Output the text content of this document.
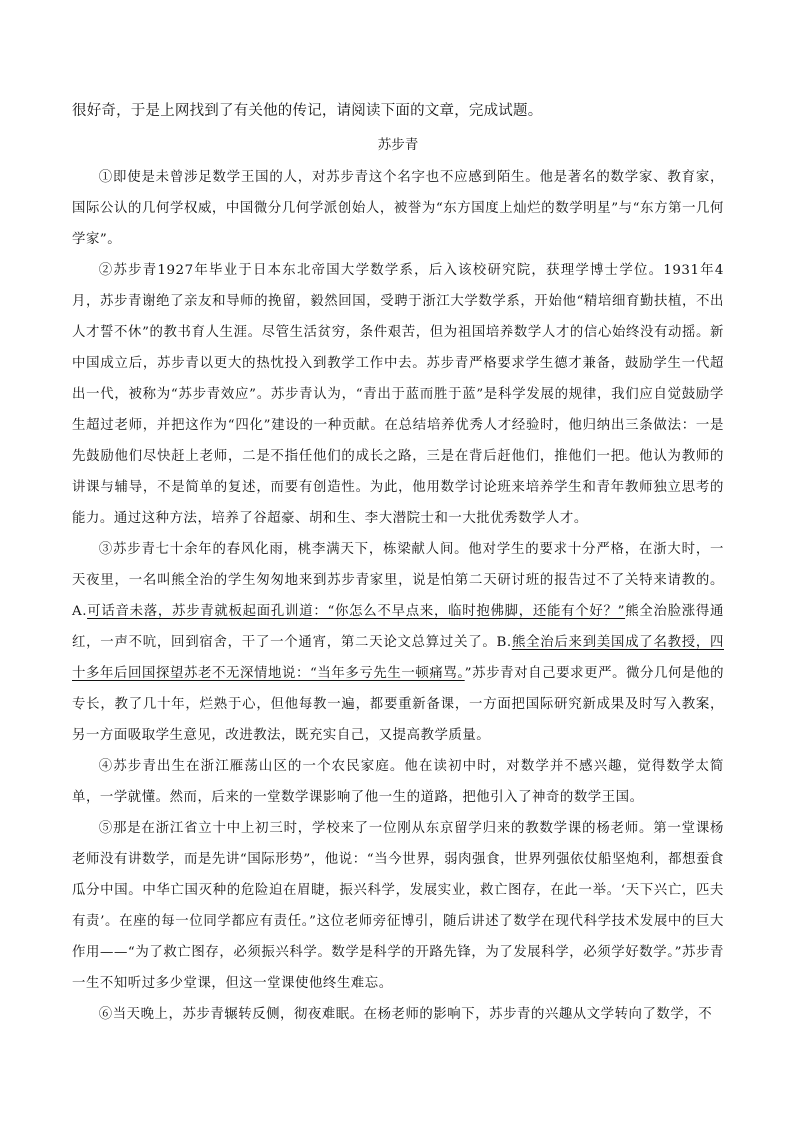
很好奇，于是上网找到了有关他的传记，请阅读下面的文章，完成试题。

苏步青

①即使是未曾涉足数学王国的人，对苏步青这个名字也不应感到陌生。他是著名的数学家、教育家，国际公认的几何学权威，中国微分几何学派创始人，被誉为“东方国度上灿烂的数学明星”与“东方第一几何学家”。

②苏步青1927年毕业于日本东北帝国大学数学系，后入该校研究院，获理学博士学位。1931年4月，苏步青谢绝了亲友和导师的挽留，毅然回国，受聘于浙江大学数学系，开始他“精培细育勤扶植，不出人才誓不休”的教书育人生涯。尽管生活贫穷，条件艰苦，但为祖国培养数学人才的信心始终没有动摇。新中国成立后，苏步青以更大的热忱投入到教学工作中去。苏步青严格要求学生德才兼备，鼓励学生一代超出一代，被称为“苏步青效应”。苏步青认为，“青出于蓝而胜于蓝”是科学发展的规律，我们应自觉鼓励学生超过老师，并把这作为“四化”建设的一种贡献。在总结培养优秀人才经验时，他归纳出三条做法：一是先鼓励他们尽快赶上老师，二是不指任他们的成长之路，三是在背后赶他们，推他们一把。他认为教师的讲课与辅导，不是简单的复述，而要有创造性。为此，他用数学讨论班来培养学生和青年教师独立思考的能力。通过这种方法，培养了谷超豪、胡和生、李大潜院士和一大批优秀数学人才。

③苏步青七十余年的春风化雨，桃李满天下，栋梁献人间。他对学生的要求十分严格，在浙大时，一天夜里，一名叫熊全治的学生匆匆地来到苏步青家里，说是怕第二天研讨班的报告过不了关特来请教的。A.可话音未落，苏步青就板起面孔训道：“你怎么不早点来，临时抱佛脚，还能有个好？”熊全治脸涨得通红，一声不吭，回到宿舍，干了一个通宵，第二天论文总算过关了。B.熊全治后来到美国成了名教授，四十多年后回国探望苏老不无深情地说：“当年多亏先生一顿痛骂。”苏步青对自己要求更严。微分几何是他的专长，教了几十年，烂熟于心，但他每教一遍，都要重新备课，一方面把国际研究新成果及时写入教案，另一方面吸取学生意见，改进教法，既充实自己，又提高教学质量。

④苏步青出生在浙江雁荡山区的一个农民家庭。他在读初中时，对数学并不感兴趣，觉得数学太简单，一学就懂。然而，后来的一堂数学课影响了他一生的道路，把他引入了神奇的数学王国。

⑤那是在浙江省立十中上初三时，学校来了一位刚从东京留学归来的教数学课的杨老师。第一堂课杨老师没有讲数学，而是先讲“国际形势”，他说：“当今世界，弱肉强食，世界列强依仗船坚炮利，都想蚕食瓜分中国。中华亡国灭种的危险迫在眉睫，振兴科学，发展实业，救亡图存，在此一举。‘天下兴亡，匹夫有责’。在座的每一位同学都应有责任。”这位老师旁征博引，随后讲述了数学在现代科学技术发展中的巨大作用——“为了救亡图存，必须振兴科学。数学是科学的开路先锋，为了发展科学，必须学好数学。”苏步青一生不知听过多少堂课，但这一堂课使他终生难忘。

⑥当天晚上，苏步青辗转反侧，彻夜难眠。在杨老师的影响下，苏步青的兴趣从文学转向了数学，不
